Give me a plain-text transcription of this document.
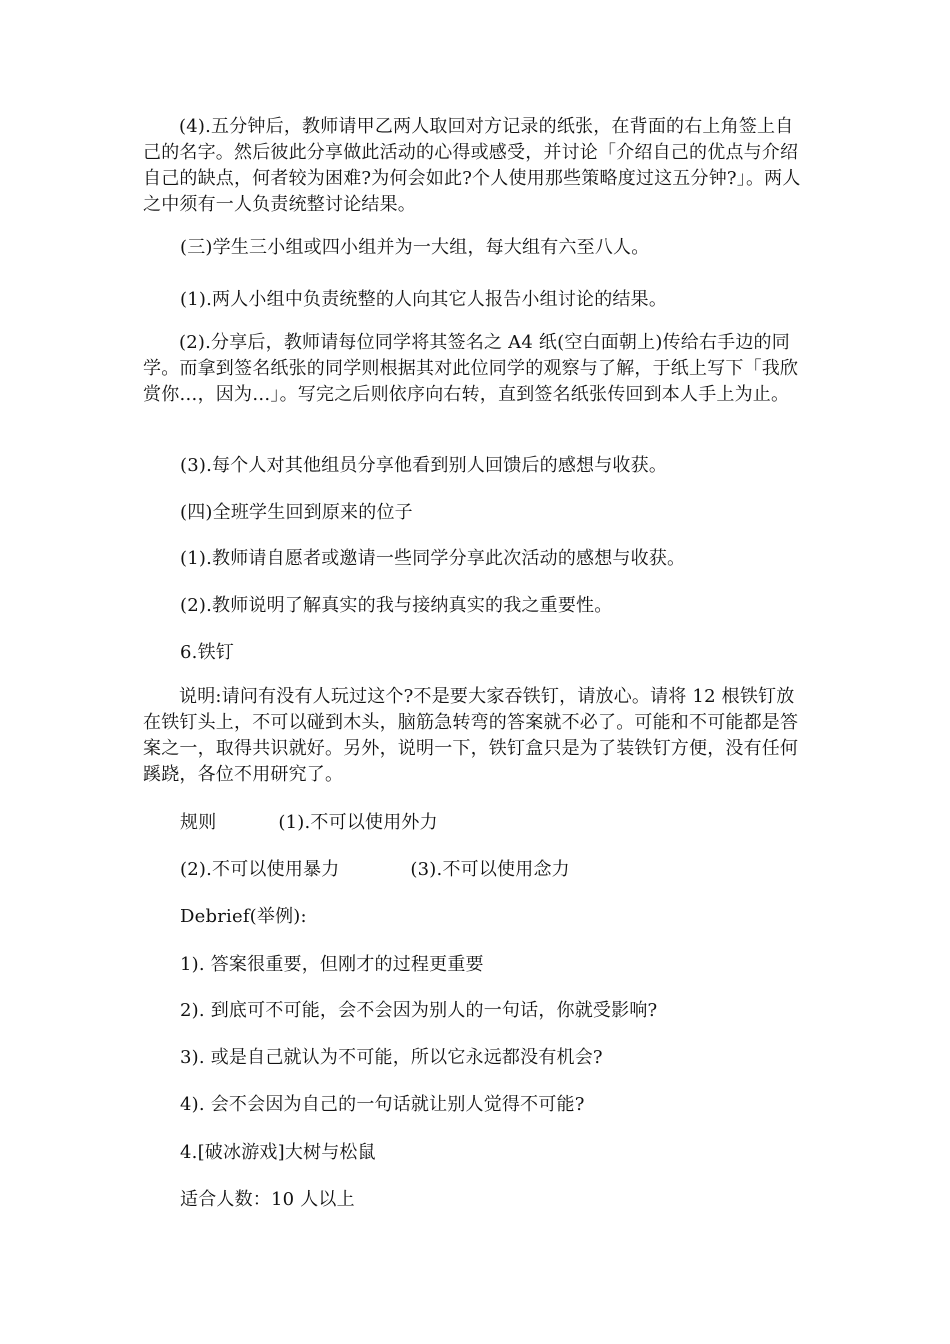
(4).五分钟后，教师请甲乙两人取回对方记录的纸张，在背面的右上角签上自己的名字。然后彼此分享做此活动的心得或感受，并讨论「介绍自己的优点与介绍自己的缺点，何者较为困难?为何会如此?个人使用那些策略度过这五分钟?」。两人之中须有一人负责统整讨论结果。

(三)学生三小组或四小组并为一大组，每大组有六至八人。

(1).两人小组中负责统整的人向其它人报告小组讨论的结果。

(2).分享后，教师请每位同学将其签名之 A4 纸(空白面朝上)传给右手边的同学。而拿到签名纸张的同学则根据其对此位同学的观察与了解，于纸上写下「我欣赏你…，因为…」。写完之后则依序向右转，直到签名纸张传回到本人手上为止。

(3).每个人对其他组员分享他看到别人回馈后的感想与收获。

(四)全班学生回到原来的位子

(1).教师请自愿者或邀请一些同学分享此次活动的感想与收获。

(2).教师说明了解真实的我与接纳真实的我之重要性。

6.铁钉

说明:请问有没有人玩过这个?不是要大家吞铁钉，请放心。请将 12 根铁钉放在铁钉头上，不可以碰到木头，脑筋急转弯的答案就不必了。可能和不可能都是答案之一，取得共识就好。另外，说明一下，铁钉盒只是为了装铁钉方便，没有任何蹊跷，各位不用研究了。

规则	(1).不可以使用外力

(2).不可以使用暴力	(3).不可以使用念力

Debrief(举例):

1). 答案很重要，但刚才的过程更重要

2). 到底可不可能，会不会因为别人的一句话，你就受影响?

3). 或是自己就认为不可能，所以它永远都没有机会?

4). 会不会因为自己的一句话就让别人觉得不可能?

4.[破冰游戏]大树与松鼠

适合人数：10 人以上
